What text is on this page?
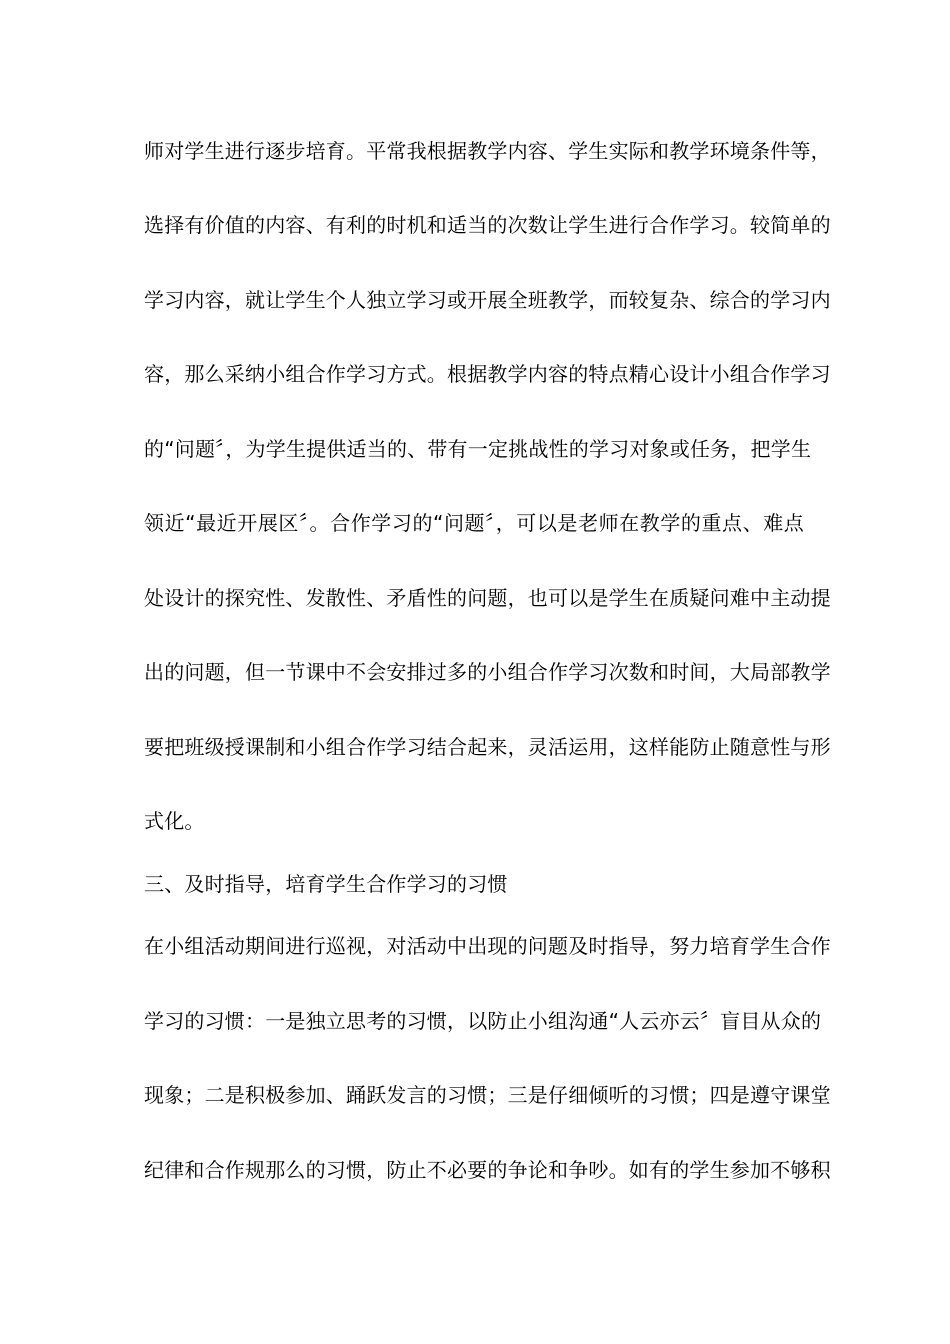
师对学生进行逐步培育。平常我根据教学内容、学生实际和教学环境条件等，
选择有价值的内容、有利的时机和适当的次数让学生进行合作学习。较简单的
学习内容，就让学生个人独立学习或开展全班教学，而较复杂、综合的学习内
容，那么采纳小组合作学习方式。根据教学内容的特点精心设计小组合作学习
的“问题〞，为学生提供适当的、带有一定挑战性的学习对象或任务，把学生
领近“最近开展区〞。合作学习的“问题〞，可以是老师在教学的重点、难点
处设计的探究性、发散性、矛盾性的问题，也可以是学生在质疑问难中主动提
出的问题，但一节课中不会安排过多的小组合作学习次数和时间，大局部教学
要把班级授课制和小组合作学习结合起来，灵活运用，这样能防止随意性与形
式化。
三、及时指导，培育学生合作学习的习惯
在小组活动期间进行巡视，对活动中出现的问题及时指导，努力培育学生合作
学习的习惯：一是独立思考的习惯，以防止小组沟通“人云亦云〞盲目从众的
现象；二是积极参加、踊跃发言的习惯；三是仔细倾听的习惯；四是遵守课堂
纪律和合作规那么的习惯，防止不必要的争论和争吵。如有的学生参加不够积
